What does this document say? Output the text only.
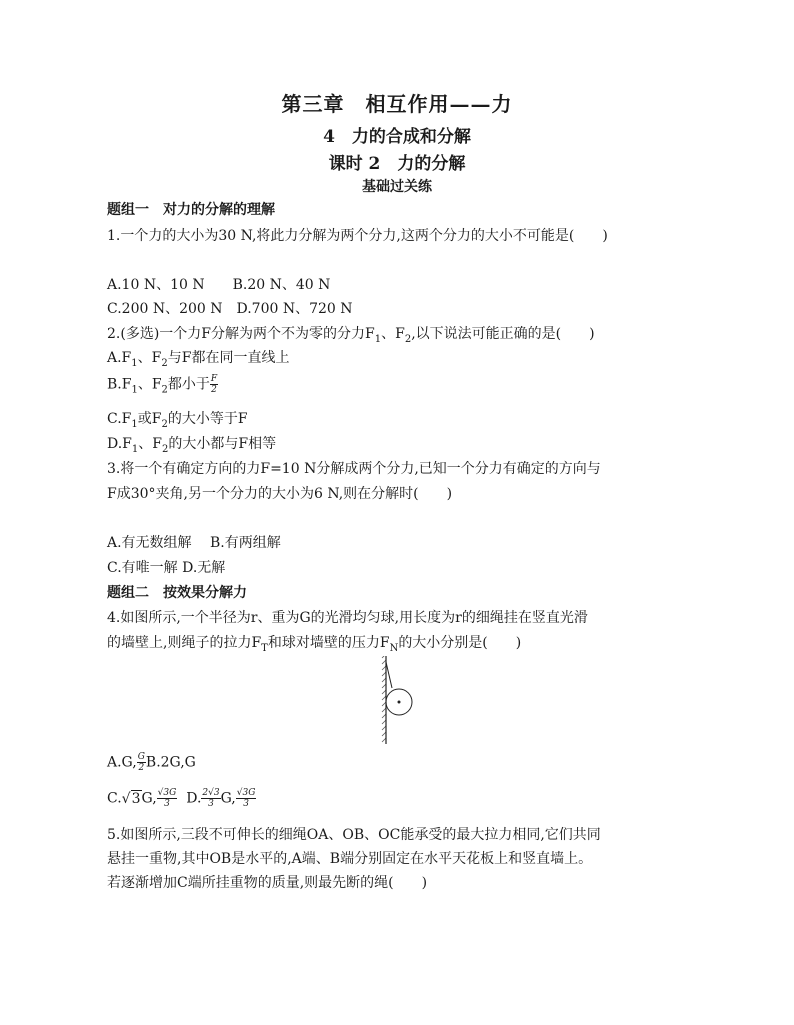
第三章　相互作用——力
4　力的合成和分解
课时 2　力的分解
基础过关练
题组一　对力的分解的理解
1.一个力的大小为30 N,将此力分解为两个分力,这两个分力的大小不可能是(　　)
A.10 N、10 N　　B.20 N、40 N
C.200 N、200 N　D.700 N、720 N
2.(多选)一个力F分解为两个不为零的分力$F_1$、$F_2$,以下说法可能正确的是(　　)
$A.F_1$、$F_2$与F都在同一直线上
$B.F_1$、$F_2$都小于 $\frac{F}{2}$
$C.F_1$或$F_2$的大小等于F
$D.F_1$、$F_2$的大小都与F相等
3.将一个有确定方向的力F=10 N分解成两个分力,已知一个分力有确定的方向与
F成30°夹角,另一个分力的大小为6 N,则在分解时(　　)
A.有无数组解　 B.有两组解
C.有唯一解 D.无解
题组二　按效果分解力
4.如图所示,一个半径为r、重为G的光滑均匀球,用长度为r的细绳挂在竖直光滑
的墙壁上,则绳子的拉力$F_T$和球对墙壁的压力$F_N$的大小分别是(　　)
A.G, $\frac{G}{2} B.2G,G$
C.√3G, $\frac{√3G}{3} D$. $\frac{2√3}{3} G$, $\frac{√3G}{3}$
5.如图所示,三段不可伸长的细绳OA、OB、OC能承受的最大拉力相同,它们共同
悬挂一重物,其中OB是水平的,A端、B端分别固定在水平天花板上和竖直墙上。
若逐渐增加C端所挂重物的质量,则最先断的绳(　　)
